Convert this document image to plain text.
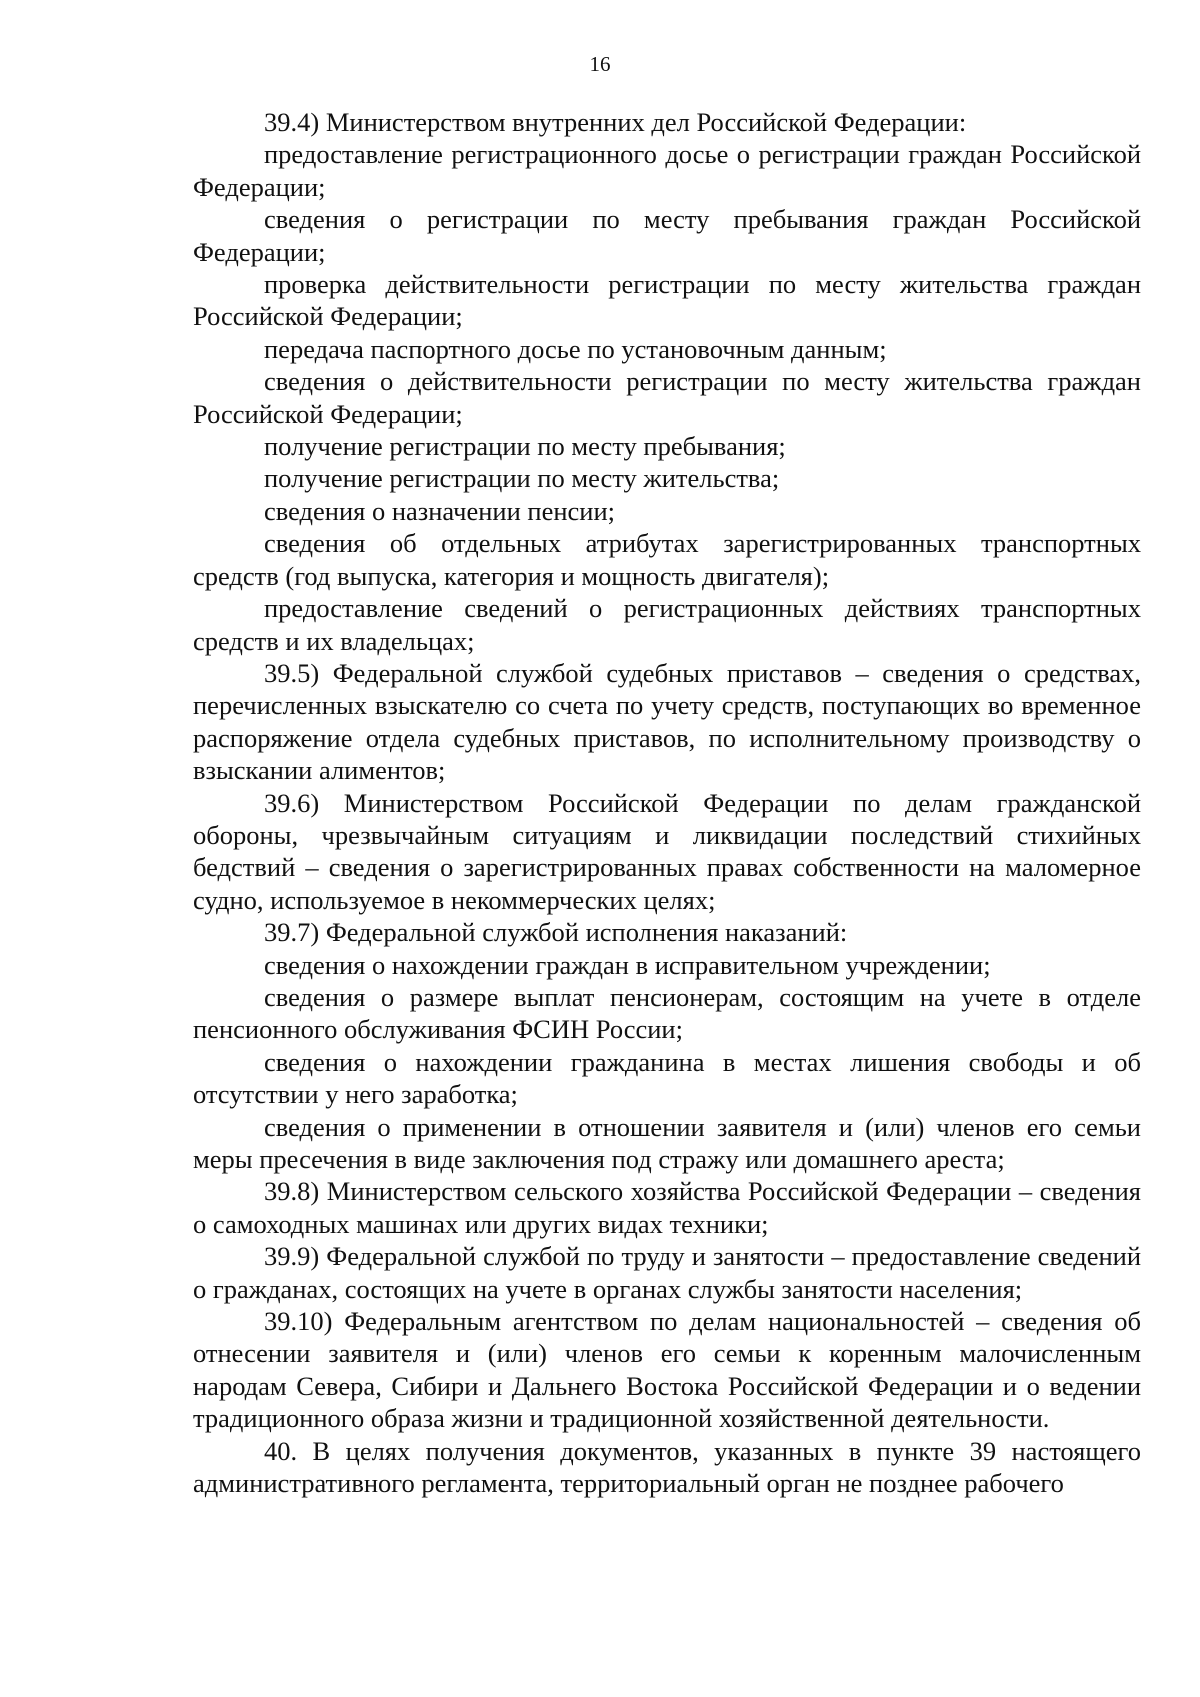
16

39.4) Министерством внутренних дел Российской Федерации:

предоставление регистрационного досье о регистрации граждан Российской Федерации;

сведения о регистрации по месту пребывания граждан Российской Федерации;

проверка действительности регистрации по месту жительства граждан Российской Федерации;

передача паспортного досье по установочным данным;

сведения о действительности регистрации по месту жительства граждан Российской Федерации;

получение регистрации по месту пребывания;

получение регистрации по месту жительства;

сведения о назначении пенсии;

сведения об отдельных атрибутах зарегистрированных транспортных средств (год выпуска, категория и мощность двигателя);

предоставление сведений о регистрационных действиях транспортных средств и их владельцах;

39.5) Федеральной службой судебных приставов – сведения о средствах, перечисленных взыскателю со счета по учету средств, поступающих во временное распоряжение отдела судебных приставов, по исполнительному производству о взыскании алиментов;

39.6) Министерством Российской Федерации по делам гражданской обороны, чрезвычайным ситуациям и ликвидации последствий стихийных бедствий – сведения о зарегистрированных правах собственности на маломерное судно, используемое в некоммерческих целях;

39.7) Федеральной службой исполнения наказаний:

сведения о нахождении граждан в исправительном учреждении;

сведения о размере выплат пенсионерам, состоящим на учете в отделе пенсионного обслуживания ФСИН России;

сведения о нахождении гражданина в местах лишения свободы и об отсутствии у него заработка;

сведения о применении в отношении заявителя и (или) членов его семьи меры пресечения в виде заключения под стражу или домашнего ареста;

39.8) Министерством сельского хозяйства Российской Федерации – сведения о самоходных машинах или других видах техники;

39.9) Федеральной службой по труду и занятости – предоставление сведений о гражданах, состоящих на учете в органах службы занятости населения;

39.10) Федеральным агентством по делам национальностей – сведения об отнесении заявителя и (или) членов его семьи к коренным малочисленным народам Севера, Сибири и Дальнего Востока Российской Федерации и о ведении традиционного образа жизни и традиционной хозяйственной деятельности.

40. В целях получения документов, указанных в пункте 39 настоящего административного регламента, территориальный орган не позднее рабочего
